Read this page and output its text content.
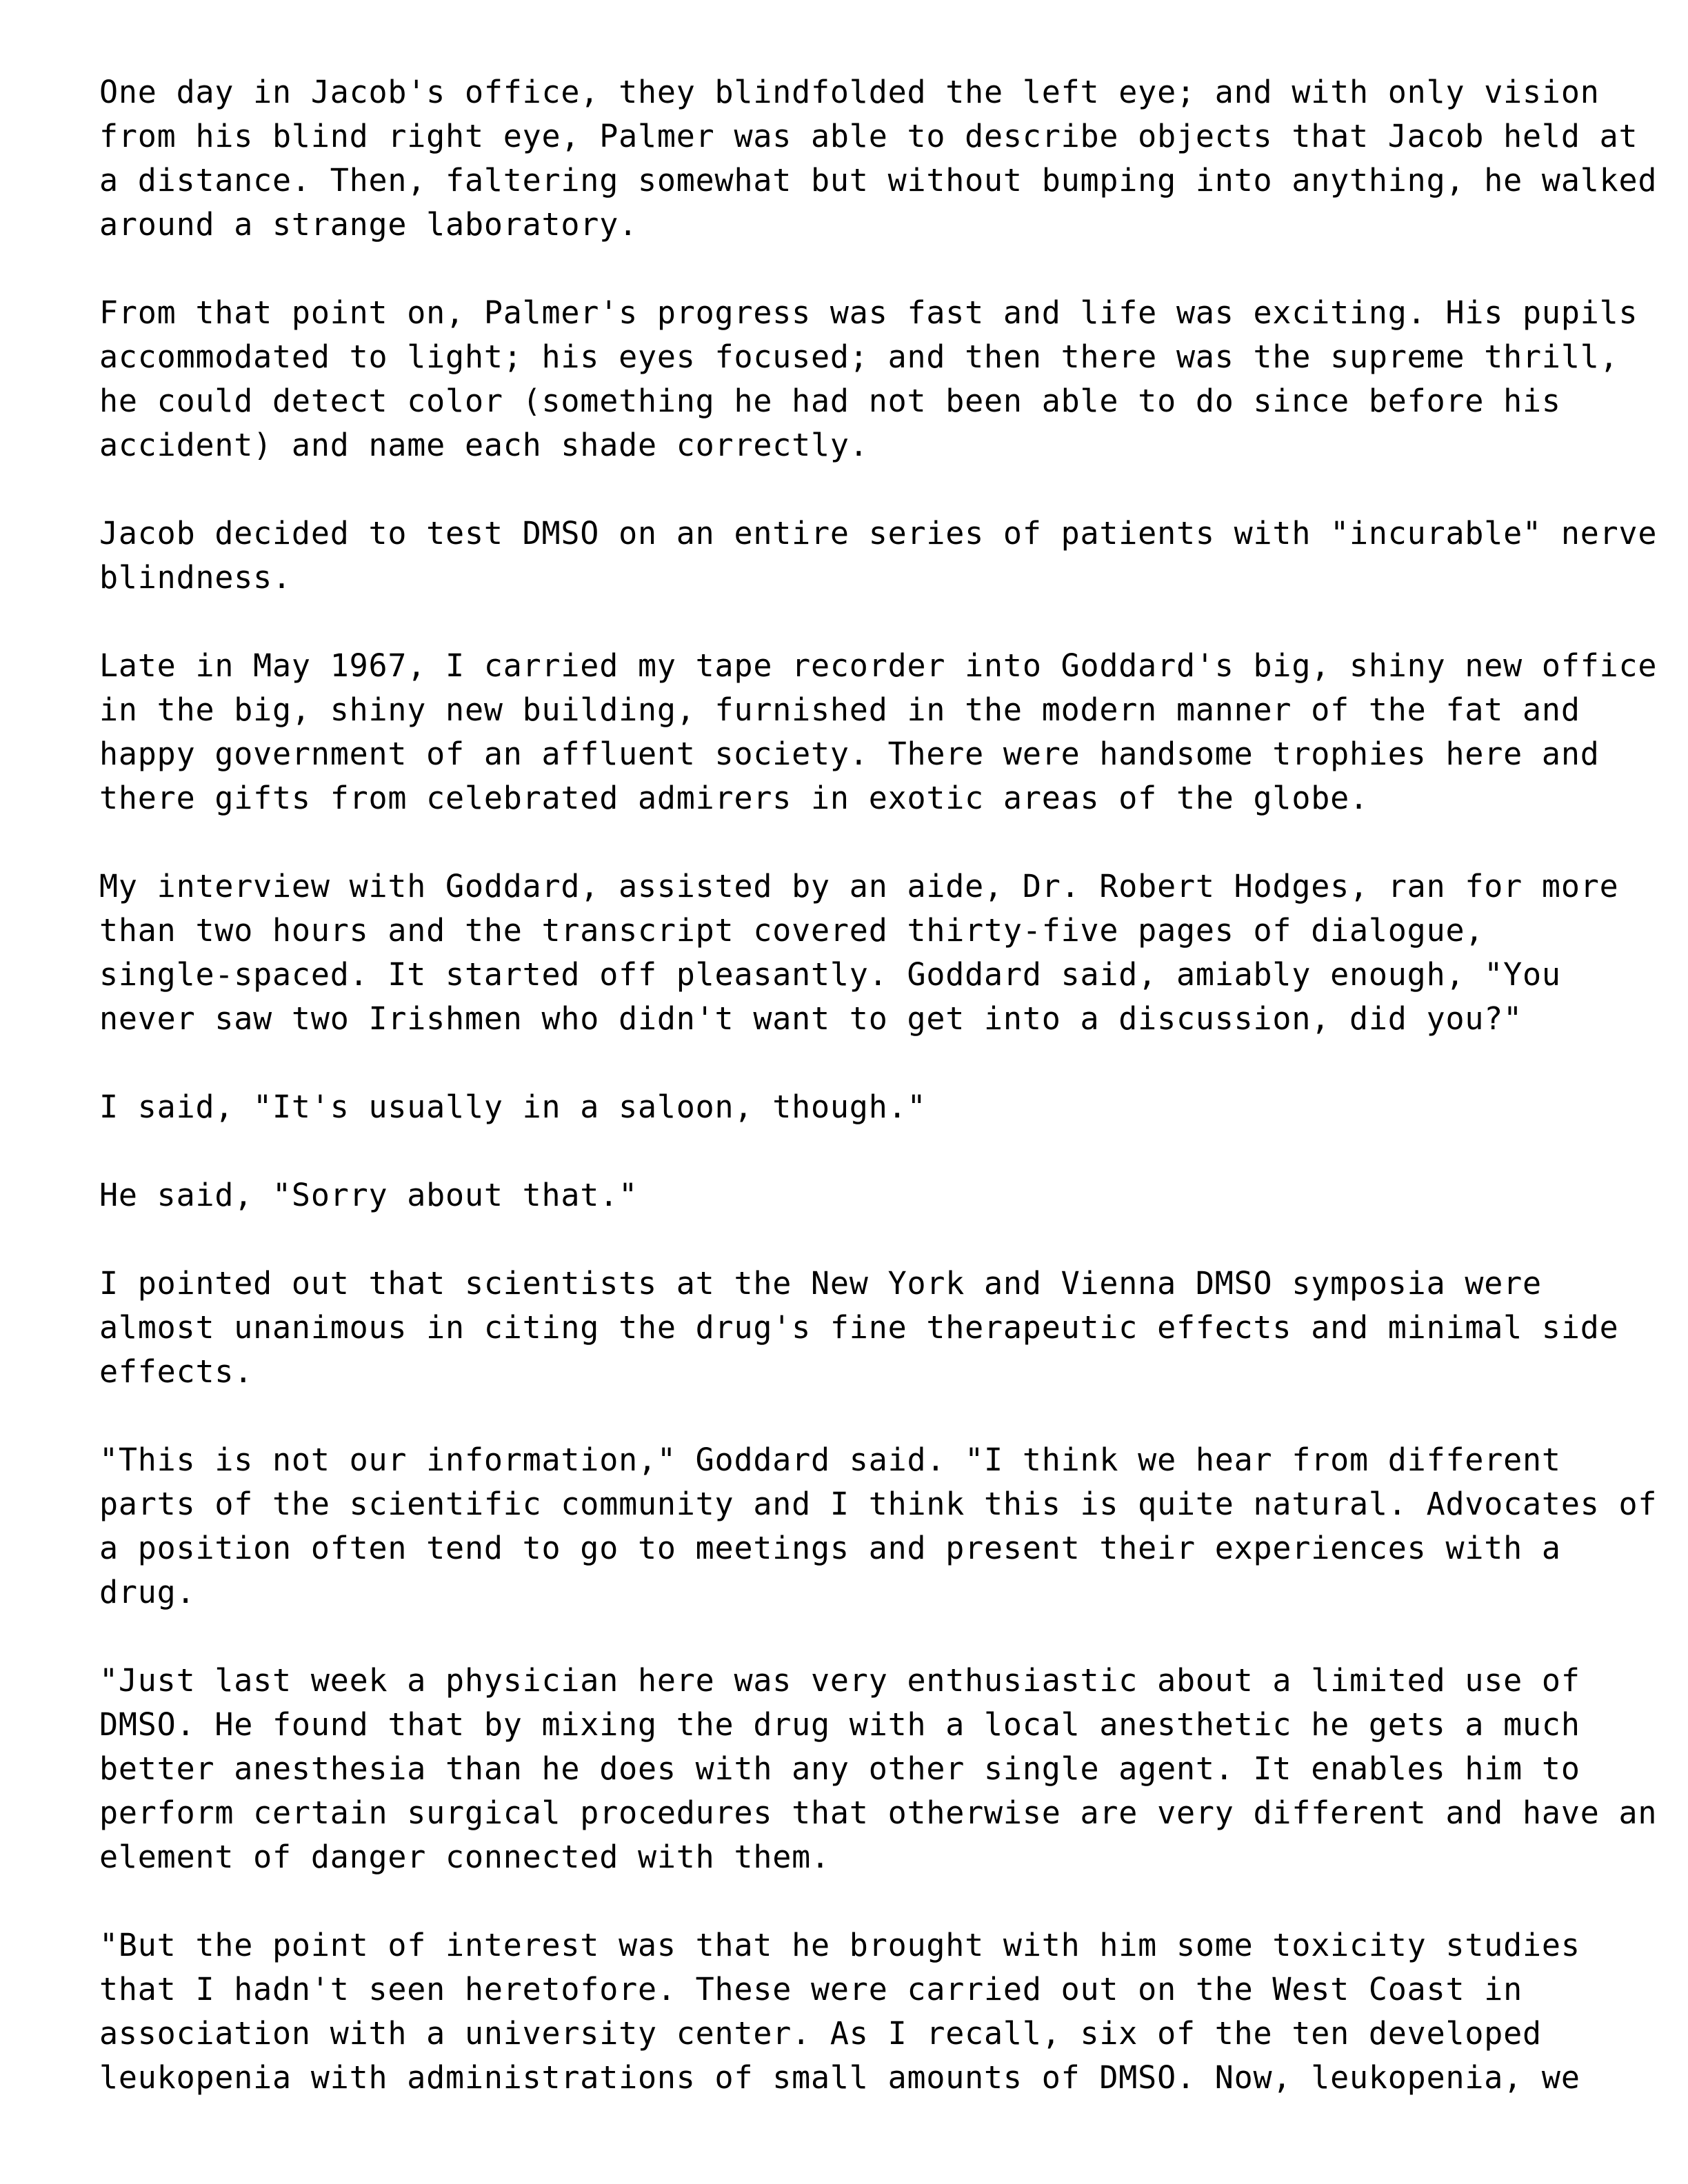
One day in Jacob's office, they blindfolded the left eye; and with only vision
from his blind right eye, Palmer was able to describe objects that Jacob held at
a distance. Then, faltering somewhat but without bumping into anything, he walked
around a strange laboratory.
From that point on, Palmer's progress was fast and life was exciting. His pupils
accommodated to light; his eyes focused; and then there was the supreme thrill,
he could detect color (something he had not been able to do since before his
accident) and name each shade correctly.
Jacob decided to test DMSO on an entire series of patients with "incurable" nerve
blindness.
Late in May 1967, I carried my tape recorder into Goddard's big, shiny new office
in the big, shiny new building, furnished in the modern manner of the fat and
happy government of an affluent society. There were handsome trophies here and
there gifts from celebrated admirers in exotic areas of the globe.
My interview with Goddard, assisted by an aide, Dr. Robert Hodges, ran for more
than two hours and the transcript covered thirty-five pages of dialogue,
single-spaced. It started off pleasantly. Goddard said, amiably enough, "You
never saw two Irishmen who didn't want to get into a discussion, did you?"
I said, "It's usually in a saloon, though."
He said, "Sorry about that."
I pointed out that scientists at the New York and Vienna DMSO symposia were
almost unanimous in citing the drug's fine therapeutic effects and minimal side
effects.
"This is not our information," Goddard said. "I think we hear from different
parts of the scientific community and I think this is quite natural. Advocates of
a position often tend to go to meetings and present their experiences with a
drug.
"Just last week a physician here was very enthusiastic about a limited use of
DMSO. He found that by mixing the drug with a local anesthetic he gets a much
better anesthesia than he does with any other single agent. It enables him to
perform certain surgical procedures that otherwise are very different and have an
element of danger connected with them.
"But the point of interest was that he brought with him some toxicity studies
that I hadn't seen heretofore. These were carried out on the West Coast in
association with a university center. As I recall, six of the ten developed
leukopenia with administrations of small amounts of DMSO. Now, leukopenia, we
